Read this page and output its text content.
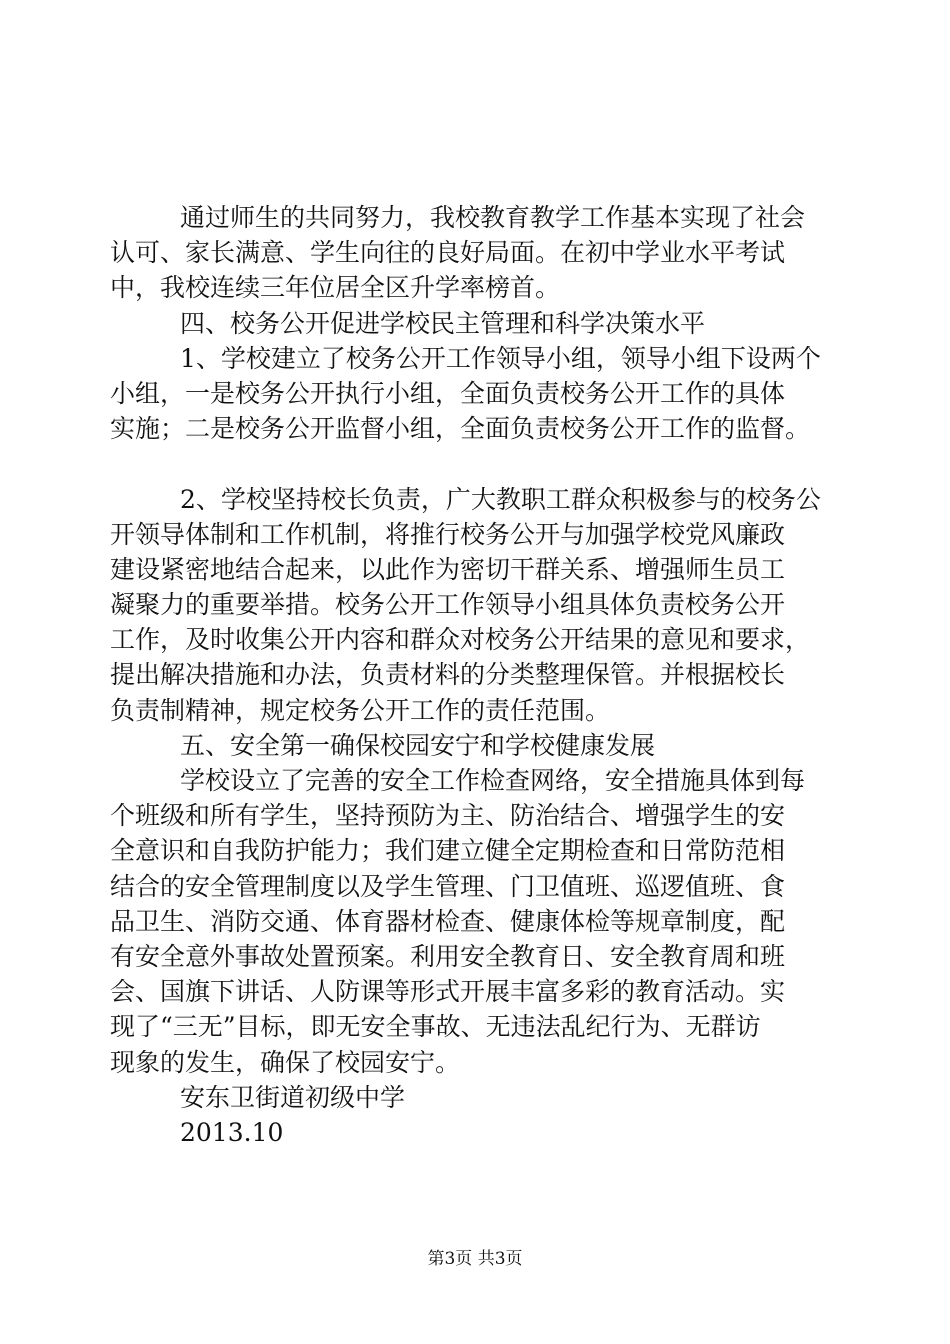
通过师生的共同努力，我校教育教学工作基本实现了社会
认可、家长满意、学生向往的良好局面。在初中学业水平考试
中，我校连续三年位居全区升学率榜首。
四、校务公开促进学校民主管理和科学决策水平
1、学校建立了校务公开工作领导小组，领导小组下设两个
小组，一是校务公开执行小组，全面负责校务公开工作的具体
实施；二是校务公开监督小组，全面负责校务公开工作的监督。
2、学校坚持校长负责，广大教职工群众积极参与的校务公
开领导体制和工作机制，将推行校务公开与加强学校党风廉政
建设紧密地结合起来，以此作为密切干群关系、增强师生员工
凝聚力的重要举措。校务公开工作领导小组具体负责校务公开
工作，及时收集公开内容和群众对校务公开结果的意见和要求，
提出解决措施和办法，负责材料的分类整理保管。并根据校长
负责制精神，规定校务公开工作的责任范围。
五、安全第一确保校园安宁和学校健康发展
学校设立了完善的安全工作检查网络，安全措施具体到每
个班级和所有学生，坚持预防为主、防治结合、增强学生的安
全意识和自我防护能力；我们建立健全定期检查和日常防范相
结合的安全管理制度以及学生管理、门卫值班、巡逻值班、食
品卫生、消防交通、体育器材检查、健康体检等规章制度，配
有安全意外事故处置预案。利用安全教育日、安全教育周和班
会、国旗下讲话、人防课等形式开展丰富多彩的教育活动。实
现了“三无”目标，即无安全事故、无违法乱纪行为、无群访
现象的发生，确保了校园安宁。
安东卫街道初级中学
2013.10
第3页 共3页
